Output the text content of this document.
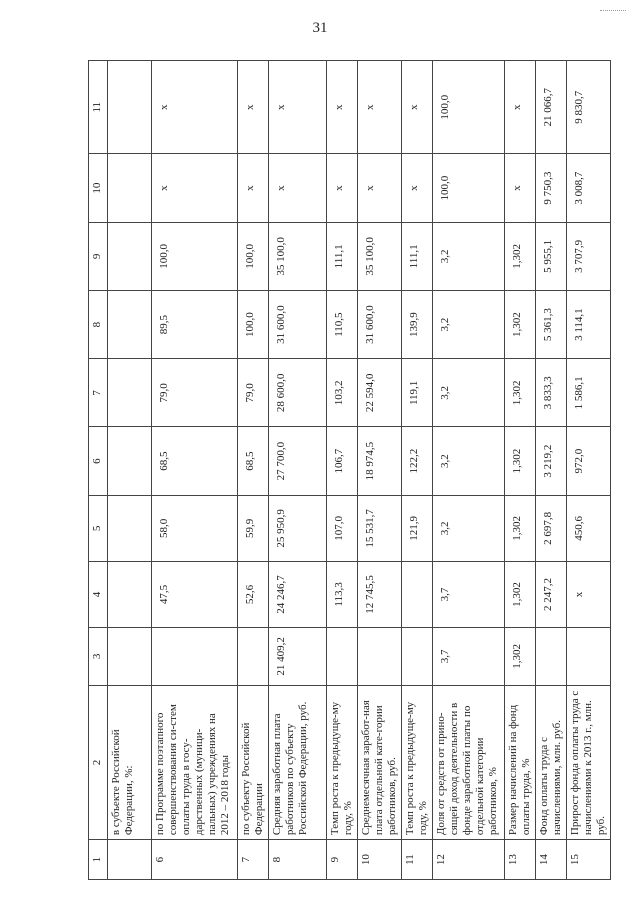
31
1	2	3	4	5	6	7	8	9	10	11
	в субъекте Российской Федерации, %:									
6	по Программе поэтапного совершенствования си-стем оплаты труда в госу-дарственных (муници-пальных) учреждениях на 2012 – 2018 годы		47,5	58,0	68,5	79,0	89,5	100,0	х	х
7	по субъекту Российской Федерации		52,6	59,9	68,5	79,0	100,0	100,0	х	х
8	Средняя заработная плата работников по субъекту Российской Федерации, руб.	21 409,2	24 246,7	25 950,9	27 700,0	28 600,0	31 600,0	35 100,0	х	х
9	Темп роста к предыдуще-му году, %		113,3	107,0	106,7	103,2	110,5	111,1	х	х
10	Среднемесячная заработ-ная плата отдельной кате-гории работников, руб.		12 745,5	15 531,7	18 974,5	22 594,0	31 600,0	35 100,0	х	х
11	Темп роста к предыдуще-му году, %			121,9	122,2	119,1	139,9	111,1	х	х
12	Доля от средств от прино-сящей доход деятельности в фонде заработной платы по отдельной категории работников, %	3,7	3,7	3,2	3,2	3,2	3,2	3,2	100,0	100,0
13	Размер начислений на фонд оплаты труда, %	1,302	1,302	1,302	1,302	1,302	1,302	1,302	х	х
14	Фонд оплаты труда с начислениями, млн. руб.		2 247,2	2 697,8	3 219,2	3 833,3	5 361,3	5 955,1	9 750,3	21 066,7
15	Прирост фонда оплаты труда с начислениями к 2013 г., млн. руб.		х	450,6	972,0	1 586,1	3 114,1	3 707,9	3 008,7	9 830,7
